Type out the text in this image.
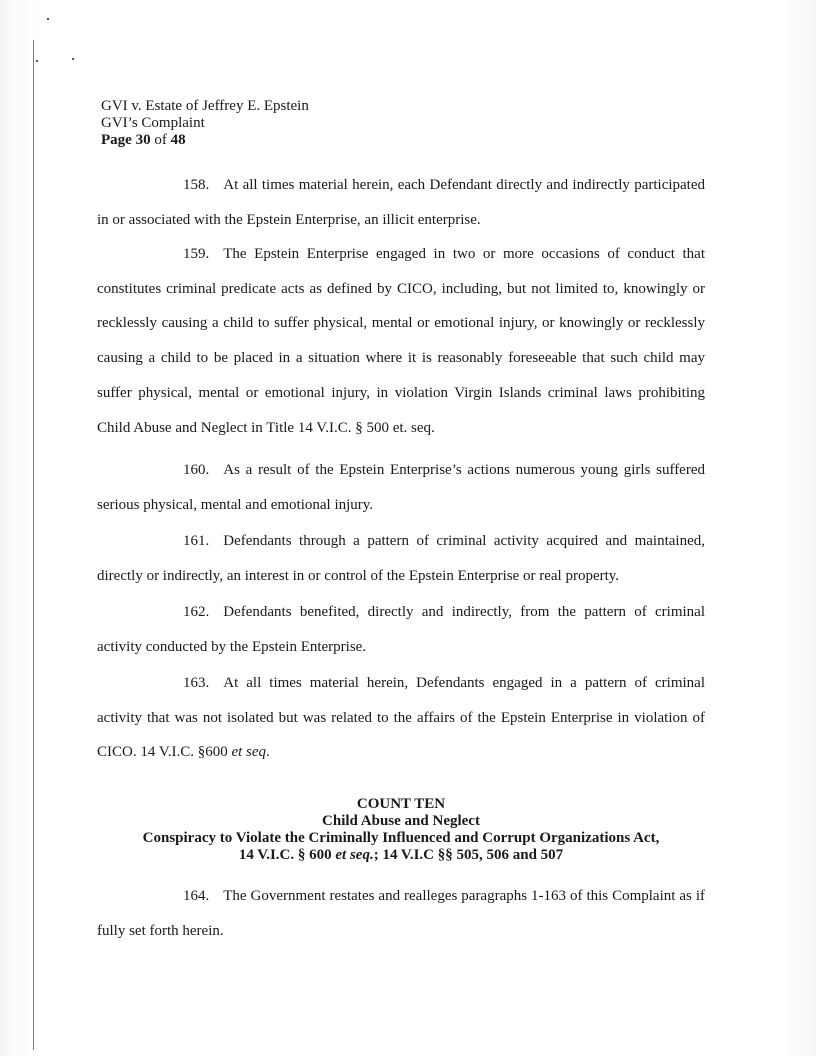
GVI v. Estate of Jeffrey E. Epstein
GVI’s Complaint
Page 30 of 48

158. At all times material herein, each Defendant directly and indirectly participated in or associated with the Epstein Enterprise, an illicit enterprise.

159. The Epstein Enterprise engaged in two or more occasions of conduct that constitutes criminal predicate acts as defined by CICO, including, but not limited to, knowingly or recklessly causing a child to suffer physical, mental or emotional injury, or knowingly or recklessly causing a child to be placed in a situation where it is reasonably foreseeable that such child may suffer physical, mental or emotional injury, in violation Virgin Islands criminal laws prohibiting Child Abuse and Neglect in Title 14 V.I.C. § 500 et. seq.

160. As a result of the Epstein Enterprise’s actions numerous young girls suffered serious physical, mental and emotional injury.

161. Defendants through a pattern of criminal activity acquired and maintained, directly or indirectly, an interest in or control of the Epstein Enterprise or real property.

162. Defendants benefited, directly and indirectly, from the pattern of criminal activity conducted by the Epstein Enterprise.

163. At all times material herein, Defendants engaged in a pattern of criminal activity that was not isolated but was related to the affairs of the Epstein Enterprise in violation of CICO. 14 V.I.C. §600 et seq.

COUNT TEN
Child Abuse and Neglect
Conspiracy to Violate the Criminally Influenced and Corrupt Organizations Act,
14 V.I.C. § 600 et seq.; 14 V.I.C §§ 505, 506 and 507

164. The Government restates and realleges paragraphs 1-163 of this Complaint as if fully set forth herein.
